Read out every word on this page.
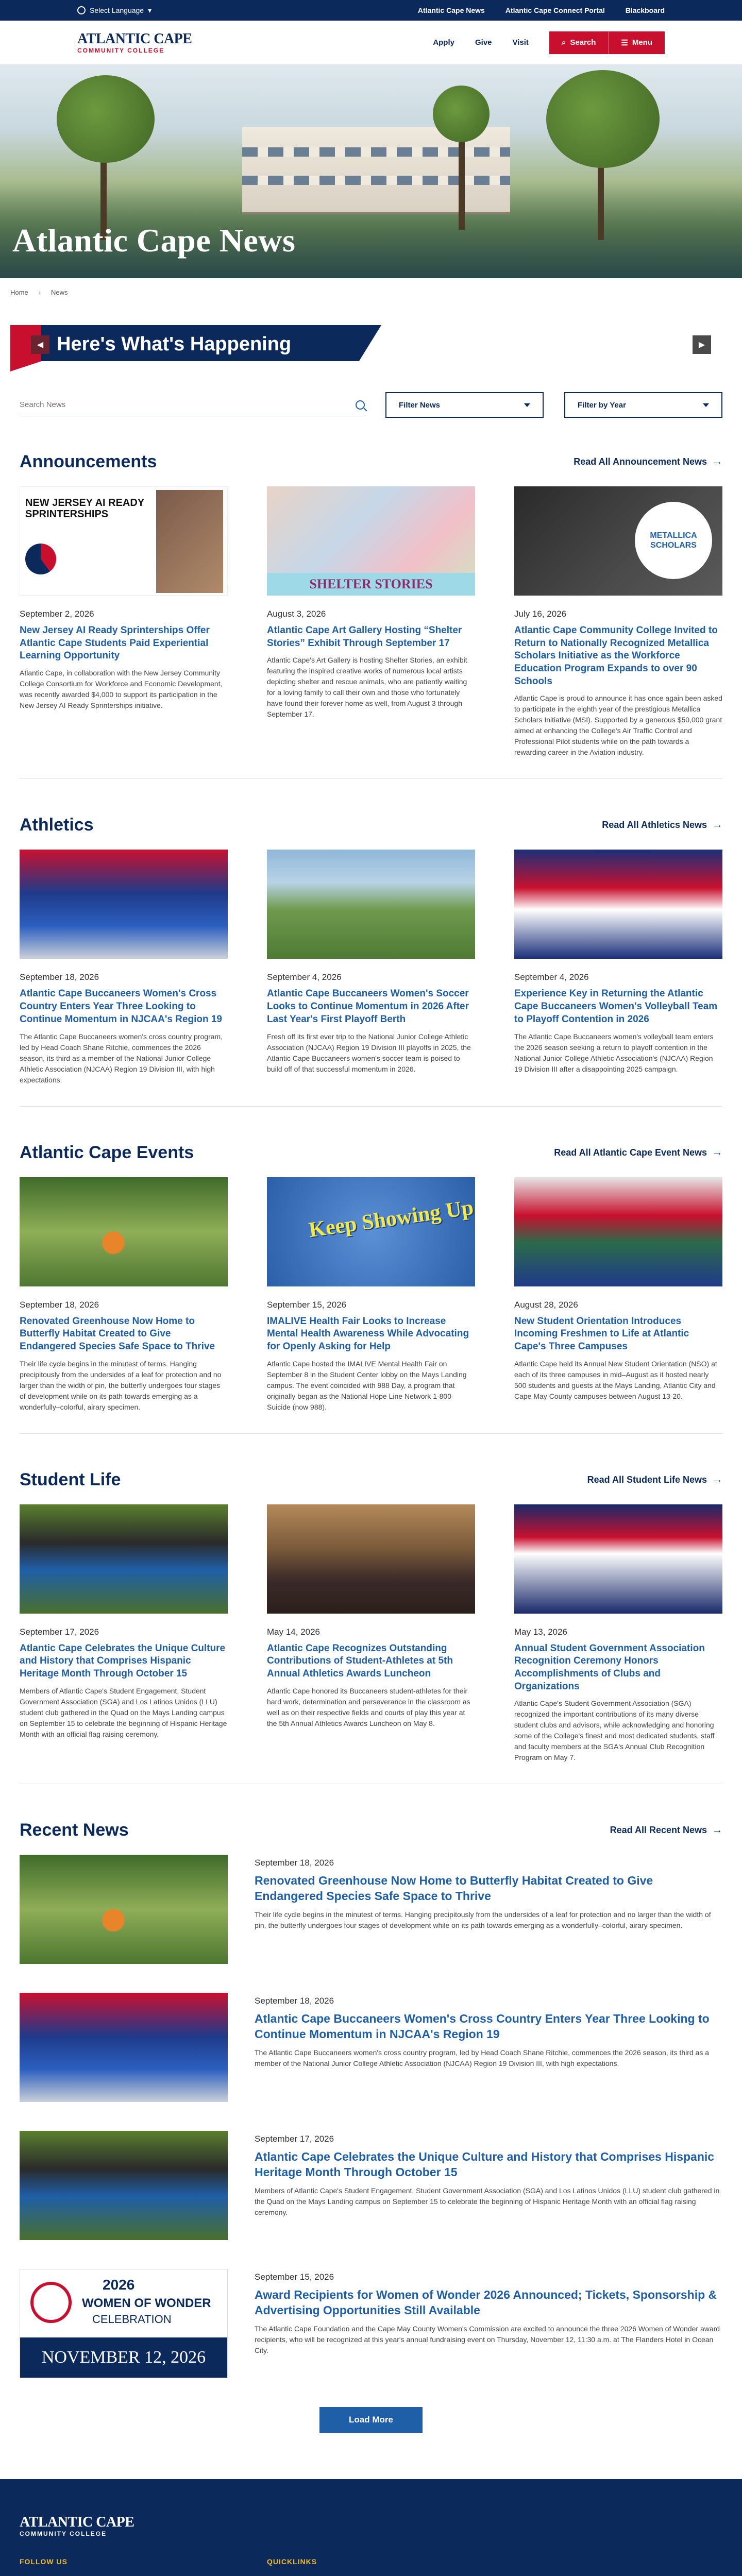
Select Language ▾	Atlantic Cape News	Atlantic Cape Connect Portal	Blackboard
ATLANTIC CAPE
COMMUNITY COLLEGE
Apply	Give	Visit	⌕ Search	☰ Menu
Atlantic Cape News
Home › News
Here's What's Happening
◀	▶
Search News
Filter News	Filter by Year
Announcements	Read All Announcement News →
NEW JERSEY AI READY SPRINTERSHIPS
September 2, 2026
New Jersey AI Ready Sprinterships Offer Atlantic Cape Students Paid Experiential Learning Opportunity
Atlantic Cape, in collaboration with the New Jersey Community College Consortium for Workforce and Economic Development, was recently awarded $4,000 to support its participation in the New Jersey AI Ready Sprinterships initiative.
SHELTER STORIES
August 3, 2026
Atlantic Cape Art Gallery Hosting “Shelter Stories” Exhibit Through September 17
Atlantic Cape's Art Gallery is hosting Shelter Stories, an exhibit featuring the inspired creative works of numerous local artists depicting shelter and rescue animals, who are patiently waiting for a loving family to call their own and those who fortunately have found their forever home as well, from August 3 through September 17.
METALLICA SCHOLARS
July 16, 2026
Atlantic Cape Community College Invited to Return to Nationally Recognized Metallica Scholars Initiative as the Workforce Education Program Expands to over 90 Schools
Atlantic Cape is proud to announce it has once again been asked to participate in the eighth year of the prestigious Metallica Scholars Initiative (MSI). Supported by a generous $50,000 grant aimed at enhancing the College's Air Traffic Control and Professional Pilot students while on the path towards a rewarding career in the Aviation industry.
Athletics	Read All Athletics News →
September 18, 2026
Atlantic Cape Buccaneers Women's Cross Country Enters Year Three Looking to Continue Momentum in NJCAA's Region 19
The Atlantic Cape Buccaneers women's cross country program, led by Head Coach Shane Ritchie, commences the 2026 season, its third as a member of the National Junior College Athletic Association (NJCAA) Region 19 Division III, with high expectations.
September 4, 2026
Atlantic Cape Buccaneers Women's Soccer Looks to Continue Momentum in 2026 After Last Year's First Playoff Berth
Fresh off its first ever trip to the National Junior College Athletic Association (NJCAA) Region 19 Division III playoffs in 2025, the Atlantic Cape Buccaneers women's soccer team is poised to build off of that successful momentum in 2026.
September 4, 2026
Experience Key in Returning the Atlantic Cape Buccaneers Women's Volleyball Team to Playoff Contention in 2026
The Atlantic Cape Buccaneers women's volleyball team enters the 2026 season seeking a return to playoff contention in the National Junior College Athletic Association's (NJCAA) Region 19 Division III after a disappointing 2025 campaign.
Atlantic Cape Events	Read All Atlantic Cape Event News →
September 18, 2026
Renovated Greenhouse Now Home to Butterfly Habitat Created to Give Endangered Species Safe Space to Thrive
Their life cycle begins in the minutest of terms. Hanging precipitously from the undersides of a leaf for protection and no larger than the width of pin, the butterfly undergoes four stages of development while on its path towards emerging as a wonderfully–colorful, airary specimen.
Keep Showing Up
September 15, 2026
IMALIVE Health Fair Looks to Increase Mental Health Awareness While Advocating for Openly Asking for Help
Atlantic Cape hosted the IMALIVE Mental Health Fair on September 8 in the Student Center lobby on the Mays Landing campus. The event coincided with 988 Day, a program that originally began as the National Hope Line Network 1-800 Suicide (now 988).
August 28, 2026
New Student Orientation Introduces Incoming Freshmen to Life at Atlantic Cape's Three Campuses
Atlantic Cape held its Annual New Student Orientation (NSO) at each of its three campuses in mid–August as it hosted nearly 500 students and guests at the Mays Landing, Atlantic City and Cape May County campuses between August 13-20.
Student Life	Read All Student Life News →
September 17, 2026
Atlantic Cape Celebrates the Unique Culture and History that Comprises Hispanic Heritage Month Through October 15
Members of Atlantic Cape's Student Engagement, Student Government Association (SGA) and Los Latinos Unidos (LLU) student club gathered in the Quad on the Mays Landing campus on September 15 to celebrate the beginning of Hispanic Heritage Month with an official flag raising ceremony.
May 14, 2026
Atlantic Cape Recognizes Outstanding Contributions of Student-Athletes at 5th Annual Athletics Awards Luncheon
Atlantic Cape honored its Buccaneers student-athletes for their hard work, determination and perseverance in the classroom as well as on their respective fields and courts of play this year at the 5th Annual Athletics Awards Luncheon on May 8.
May 13, 2026
Annual Student Government Association Recognition Ceremony Honors Accomplishments of Clubs and Organizations
Atlantic Cape's Student Government Association (SGA) recognized the important contributions of its many diverse student clubs and advisors, while acknowledging and honoring some of the College's finest and most dedicated students, staff and faculty members at the SGA's Annual Club Recognition Program on May 7.
Recent News	Read All Recent News →
September 18, 2026
Renovated Greenhouse Now Home to Butterfly Habitat Created to Give Endangered Species Safe Space to Thrive
Their life cycle begins in the minutest of terms. Hanging precipitously from the undersides of a leaf for protection and no larger than the width of pin, the butterfly undergoes four stages of development while on its path towards emerging as a wonderfully–colorful, airary specimen.
September 18, 2026
Atlantic Cape Buccaneers Women's Cross Country Enters Year Three Looking to Continue Momentum in NJCAA's Region 19
The Atlantic Cape Buccaneers women's cross country program, led by Head Coach Shane Ritchie, commences the 2026 season, its third as a member of the National Junior College Athletic Association (NJCAA) Region 19 Division III, with high expectations.
September 17, 2026
Atlantic Cape Celebrates the Unique Culture and History that Comprises Hispanic Heritage Month Through October 15
Members of Atlantic Cape's Student Engagement, Student Government Association (SGA) and Los Latinos Unidos (LLU) student club gathered in the Quad on the Mays Landing campus on September 15 to celebrate the beginning of Hispanic Heritage Month with an official flag raising ceremony.
2026
WOMEN OF WONDER
CELEBRATION
NOVEMBER 12, 2026
September 15, 2026
Award Recipients for Women of Wonder 2026 Announced; Tickets, Sponsorship & Advertising Opportunities Still Available
The Atlantic Cape Foundation and the Cape May County Women's Commission are excited to announce the three 2026 Women of Wonder award recipients, who will be recognized at this year's annual fundraising event on Thursday, November 12, 11:30 a.m. at The Flanders Hotel in Ocean City.
Load More
ATLANTIC CAPE
COMMUNITY COLLEGE
FOLLOW US	QUICKLINKS
